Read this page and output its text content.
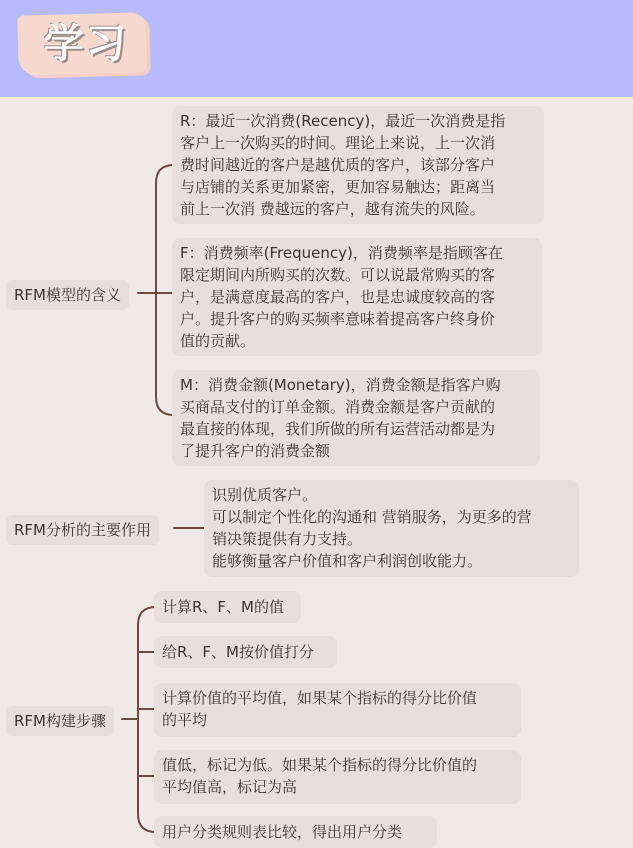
学习
RFM模型的含义
R：最近一次消费(Recency)，最近一次消费是指
客户上一次购买的时间。理论上来说，上一次消
费时间越近的客户是越优质的客户，该部分客户
与店铺的关系更加紧密，更加容易触达；距离当
前上一次消 费越远的客户，越有流失的风险。
F：消费频率(Frequency)，消费频率是指顾客在
限定期间内所购买的次数。可以说最常购买的客
户，是满意度最高的客户，也是忠诚度较高的客
户。提升客户的购买频率意味着提高客户终身价
值的贡献。
M：消费金额(Monetary)，消费金额是指客户购
买商品支付的订单金额。消费金额是客户贡献的
最直接的体现，我们所做的所有运营活动都是为
了提升客户的消费金额
RFM分析的主要作用
识别优质客户。
可以制定个性化的沟通和 营销服务，为更多的营
销决策提供有力支持。
能够衡量客户价值和客户利润创收能力。
RFM构建步骤
计算R、F、M的值
给R、F、M按价值打分
计算价值的平均值，如果某个指标的得分比价值
的平均
值低，标记为低。如果某个指标的得分比价值的
平均值高，标记为高
用户分类规则表比较，得出用户分类
